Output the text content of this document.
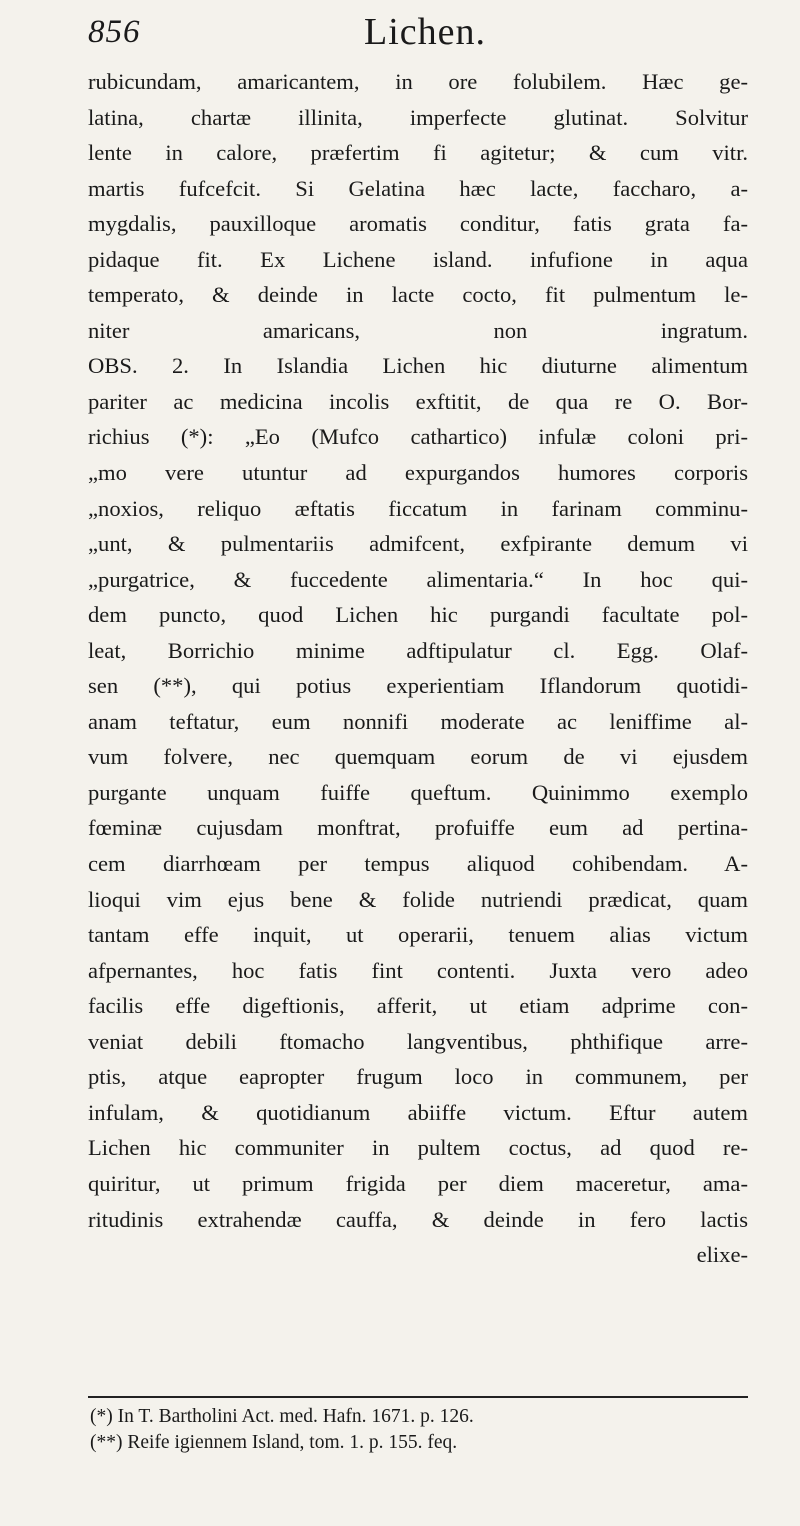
856	Lichen.
rubicundam, amaricantem, in ore folubilem. Hæc ge-
latina, chartæ illinita, imperfecte glutinat. Solvitur
lente in calore, præfertim fi agitetur; & cum vitr.
martis fufcefcit. Si Gelatina hæc lacte, faccharo, a-
mygdalis, pauxilloque aromatis conditur, fatis grata fa-
pidaque fit. Ex Lichene island. infufione in aqua
temperato, & deinde in lacte cocto, fit pulmentum le-
niter amaricans, non ingratum.
OBS. 2. In Islandia Lichen hic diuturne alimentum
pariter ac medicina incolis exftitit, de qua re O. Bor-
richius (*): „Eo (Mufco cathartico) infulæ coloni pri-
„mo vere utuntur ad expurgandos humores corporis
„noxios, reliquo æftatis ficcatum in farinam comminu-
„unt, & pulmentariis admifcent, exfpirante demum vi
„purgatrice, & fuccedente alimentaria.“ In hoc qui-
dem puncto, quod Lichen hic purgandi facultate pol-
leat, Borrichio minime adftipulatur cl. Egg. Olaf-
sen (**), qui potius experientiam Iflandorum quotidi-
anam teftatur, eum nonnifi moderate ac leniffime al-
vum folvere, nec quemquam eorum de vi ejusdem
purgante unquam fuiffe queftum. Quinimmo exemplo
fœminæ cujusdam monftrat, profuiffe eum ad pertina-
cem diarrhœam per tempus aliquod cohibendam. A-
lioqui vim ejus bene & folide nutriendi prædicat, quam
tantam effe inquit, ut operarii, tenuem alias victum
afpernantes, hoc fatis fint contenti. Juxta vero adeo
facilis effe digeftionis, afferit, ut etiam adprime con-
veniat debili ftomacho langventibus, phthifique arre-
ptis, atque eapropter frugum loco in communem, per
infulam, & quotidianum abiiffe victum. Eftur autem
Lichen hic communiter in pultem coctus, ad quod re-
quiritur, ut primum frigida per diem maceretur, ama-
ritudinis extrahendæ cauffa, & deinde in fero lactis
elixe-
(*) In T. Bartholini Act. med. Hafn. 1671. p. 126.
(**) Reife igiennem Island, tom. 1. p. 155. feq.
